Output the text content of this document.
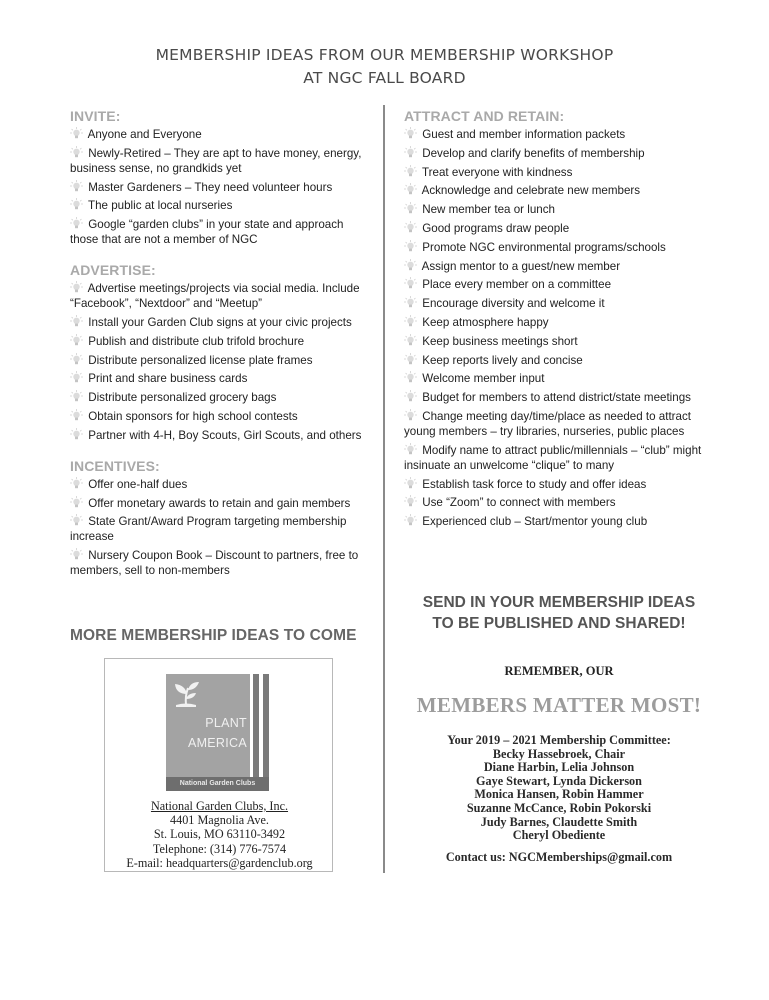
MEMBERSHIP IDEAS FROM OUR MEMBERSHIP WORKSHOP
AT NGC FALL BOARD
INVITE:
Anyone and Everyone
Newly-Retired – They are apt to have money, energy, business sense, no grandkids yet
Master Gardeners – They need volunteer hours
The public at local nurseries
Google “garden clubs” in your state and approach those that are not a member of NGC
ADVERTISE:
Advertise meetings/projects via social media. Include “Facebook”, “Nextdoor” and “Meetup”
Install your Garden Club signs at your civic projects
Publish and distribute club trifold brochure
Distribute personalized license plate frames
Print and share business cards
Distribute personalized grocery bags
Obtain sponsors for high school contests
Partner with 4-H, Boy Scouts, Girl Scouts, and others
INCENTIVES:
Offer one-half dues
Offer monetary awards to retain and gain members
State Grant/Award Program targeting membership increase
Nursery Coupon Book – Discount to partners, free to members, sell to non-members
MORE MEMBERSHIP IDEAS TO COME
PLANT
AMERICA
National Garden Clubs
National Garden Clubs, Inc.
4401 Magnolia Ave.
St. Louis, MO 63110-3492
Telephone: (314) 776-7574
E-mail: headquarters@gardenclub.org
ATTRACT AND RETAIN:
Guest and member information packets
Develop and clarify benefits of membership
Treat everyone with kindness
Acknowledge and celebrate new members
New member tea or lunch
Good programs draw people
Promote NGC environmental programs/schools
Assign mentor to a guest/new member
Place every member on a committee
Encourage diversity and welcome it
Keep atmosphere happy
Keep business meetings short
Keep reports lively and concise
Welcome member input
Budget for members to attend district/state meetings
Change meeting day/time/place as needed to attract young members – try libraries, nurseries, public places
Modify name to attract public/millennials – “club” might insinuate an unwelcome “clique” to many
Establish task force to study and offer ideas
Use “Zoom” to connect with members
Experienced club – Start/mentor young club
SEND IN YOUR MEMBERSHIP IDEAS
TO BE PUBLISHED AND SHARED!
REMEMBER, OUR
MEMBERS MATTER MOST!
Your 2019 – 2021 Membership Committee:
Becky Hassebroek, Chair
Diane Harbin, Lelia Johnson
Gaye Stewart, Lynda Dickerson
Monica Hansen, Robin Hammer
Suzanne McCance, Robin Pokorski
Judy Barnes, Claudette Smith
Cheryl Obediente
Contact us: NGCMemberships@gmail.com
